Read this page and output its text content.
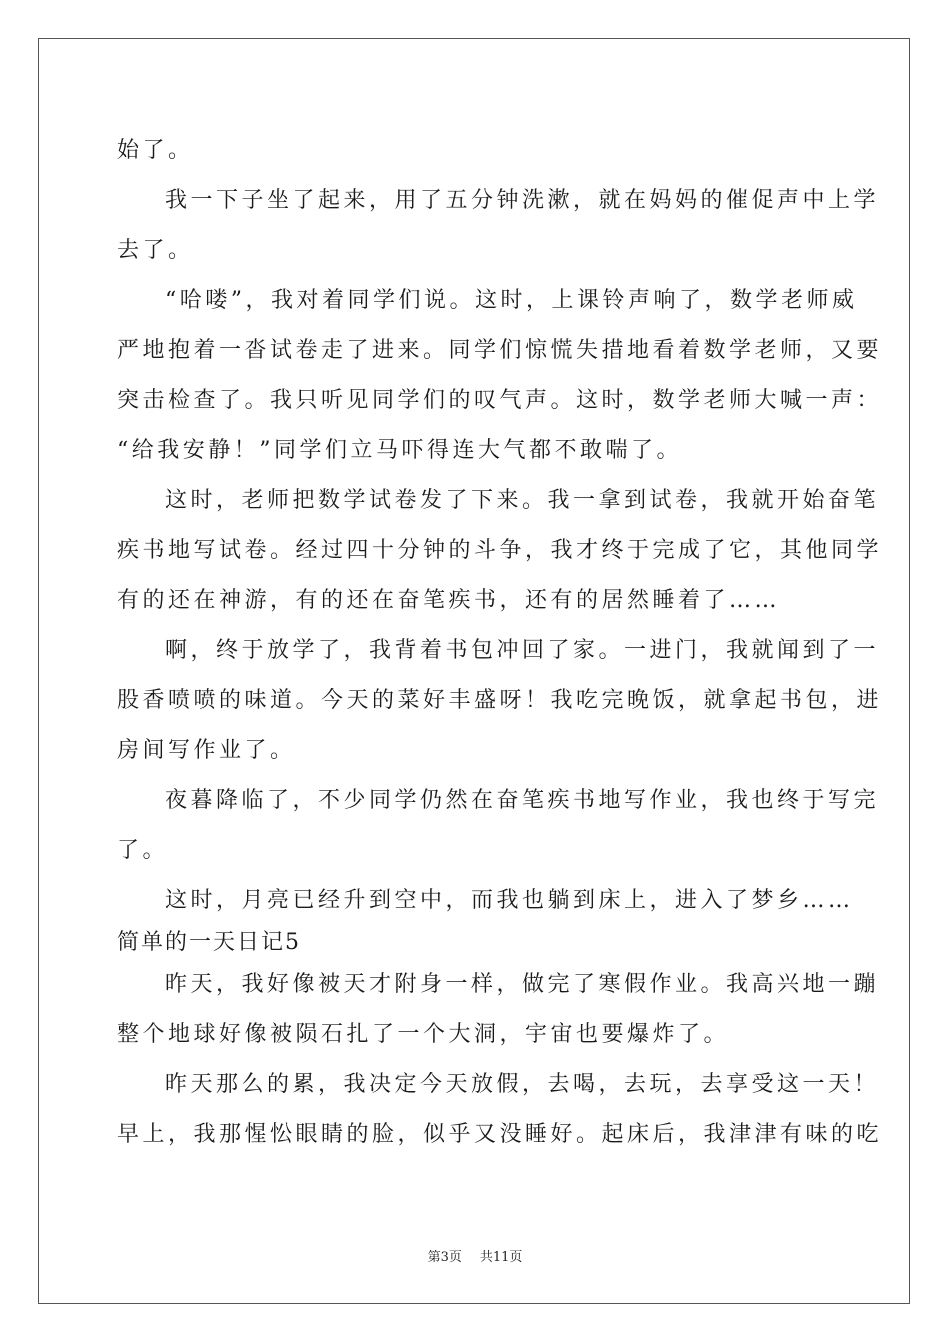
始了。
我一下子坐了起来，用了五分钟洗漱，就在妈妈的催促声中上学
去了。
“哈喽”，我对着同学们说。这时，上课铃声响了，数学老师威
严地抱着一沓试卷走了进来。同学们惊慌失措地看着数学老师，又要
突击检查了。我只听见同学们的叹气声。这时，数学老师大喊一声：
“给我安静！”同学们立马吓得连大气都不敢喘了。
这时，老师把数学试卷发了下来。我一拿到试卷，我就开始奋笔
疾书地写试卷。经过四十分钟的斗争，我才终于完成了它，其他同学
有的还在神游，有的还在奋笔疾书，还有的居然睡着了……
啊，终于放学了，我背着书包冲回了家。一进门，我就闻到了一
股香喷喷的味道。今天的菜好丰盛呀！我吃完晚饭，就拿起书包，进
房间写作业了。
夜暮降临了，不少同学仍然在奋笔疾书地写作业，我也终于写完
了。
这时，月亮已经升到空中，而我也躺到床上，进入了梦乡……
简单的一天日记5
昨天，我好像被天才附身一样，做完了寒假作业。我高兴地一蹦
整个地球好像被陨石扎了一个大洞，宇宙也要爆炸了。
昨天那么的累，我决定今天放假，去喝，去玩，去享受这一天！
早上，我那惺忪眼睛的脸，似乎又没睡好。起床后，我津津有味的吃
第3页 共11页
